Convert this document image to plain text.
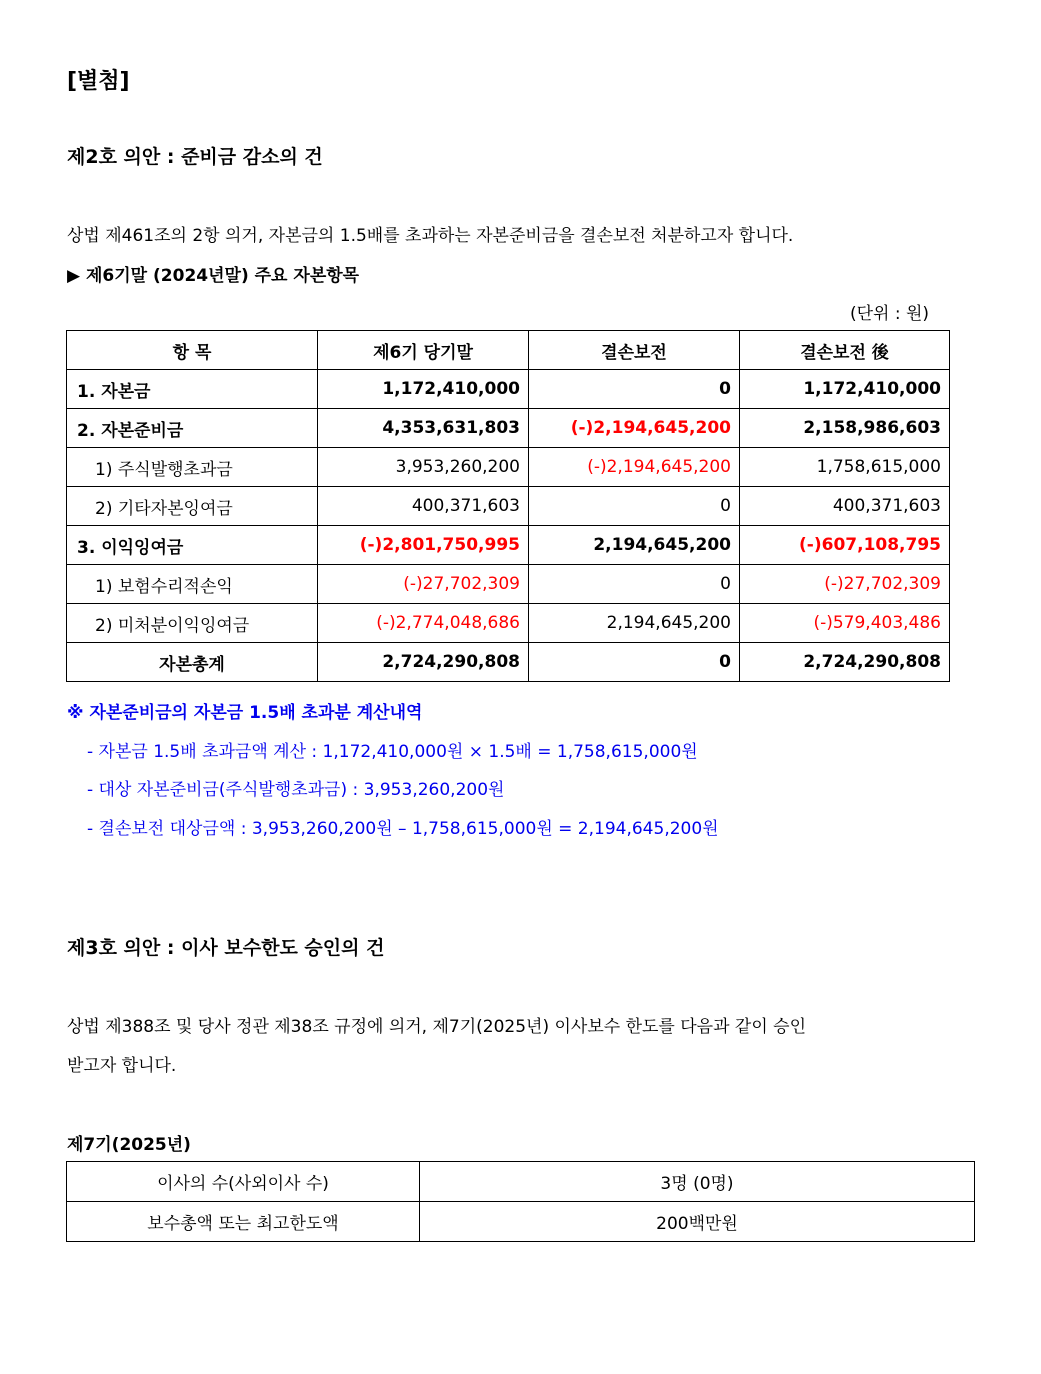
[별첨]
제2호 의안 : 준비금 감소의 건
상법 제461조의 2항 의거, 자본금의 1.5배를 초과하는 자본준비금을 결손보전 처분하고자 합니다.
▶ 제6기말 (2024년말) 주요 자본항목
(단위 : 원)
항 목	제6기 당기말	결손보전	결손보전 後
1. 자본금	1,172,410,000	0	1,172,410,000
2. 자본준비금	4,353,631,803	(-)2,194,645,200	2,158,986,603
1) 주식발행초과금	3,953,260,200	(-)2,194,645,200	1,758,615,000
2) 기타자본잉여금	400,371,603	0	400,371,603
3. 이익잉여금	(-)2,801,750,995	2,194,645,200	(-)607,108,795
1) 보험수리적손익	(-)27,702,309	0	(-)27,702,309
2) 미처분이익잉여금	(-)2,774,048,686	2,194,645,200	(-)579,403,486
자본총계	2,724,290,808	0	2,724,290,808
※ 자본준비금의 자본금 1.5배 초과분 계산내역
- 자본금 1.5배 초과금액 계산 : 1,172,410,000원 × 1.5배 = 1,758,615,000원
- 대상 자본준비금(주식발행초과금) : 3,953,260,200원
- 결손보전 대상금액 : 3,953,260,200원 – 1,758,615,000원 = 2,194,645,200원
제3호 의안 : 이사 보수한도 승인의 건
상법 제388조 및 당사 정관 제38조 규정에 의거, 제7기(2025년) 이사보수 한도를 다음과 같이 승인
받고자 합니다.
제7기(2025년)
이사의 수(사외이사 수)	3명 (0명)
보수총액 또는 최고한도액	200백만원
